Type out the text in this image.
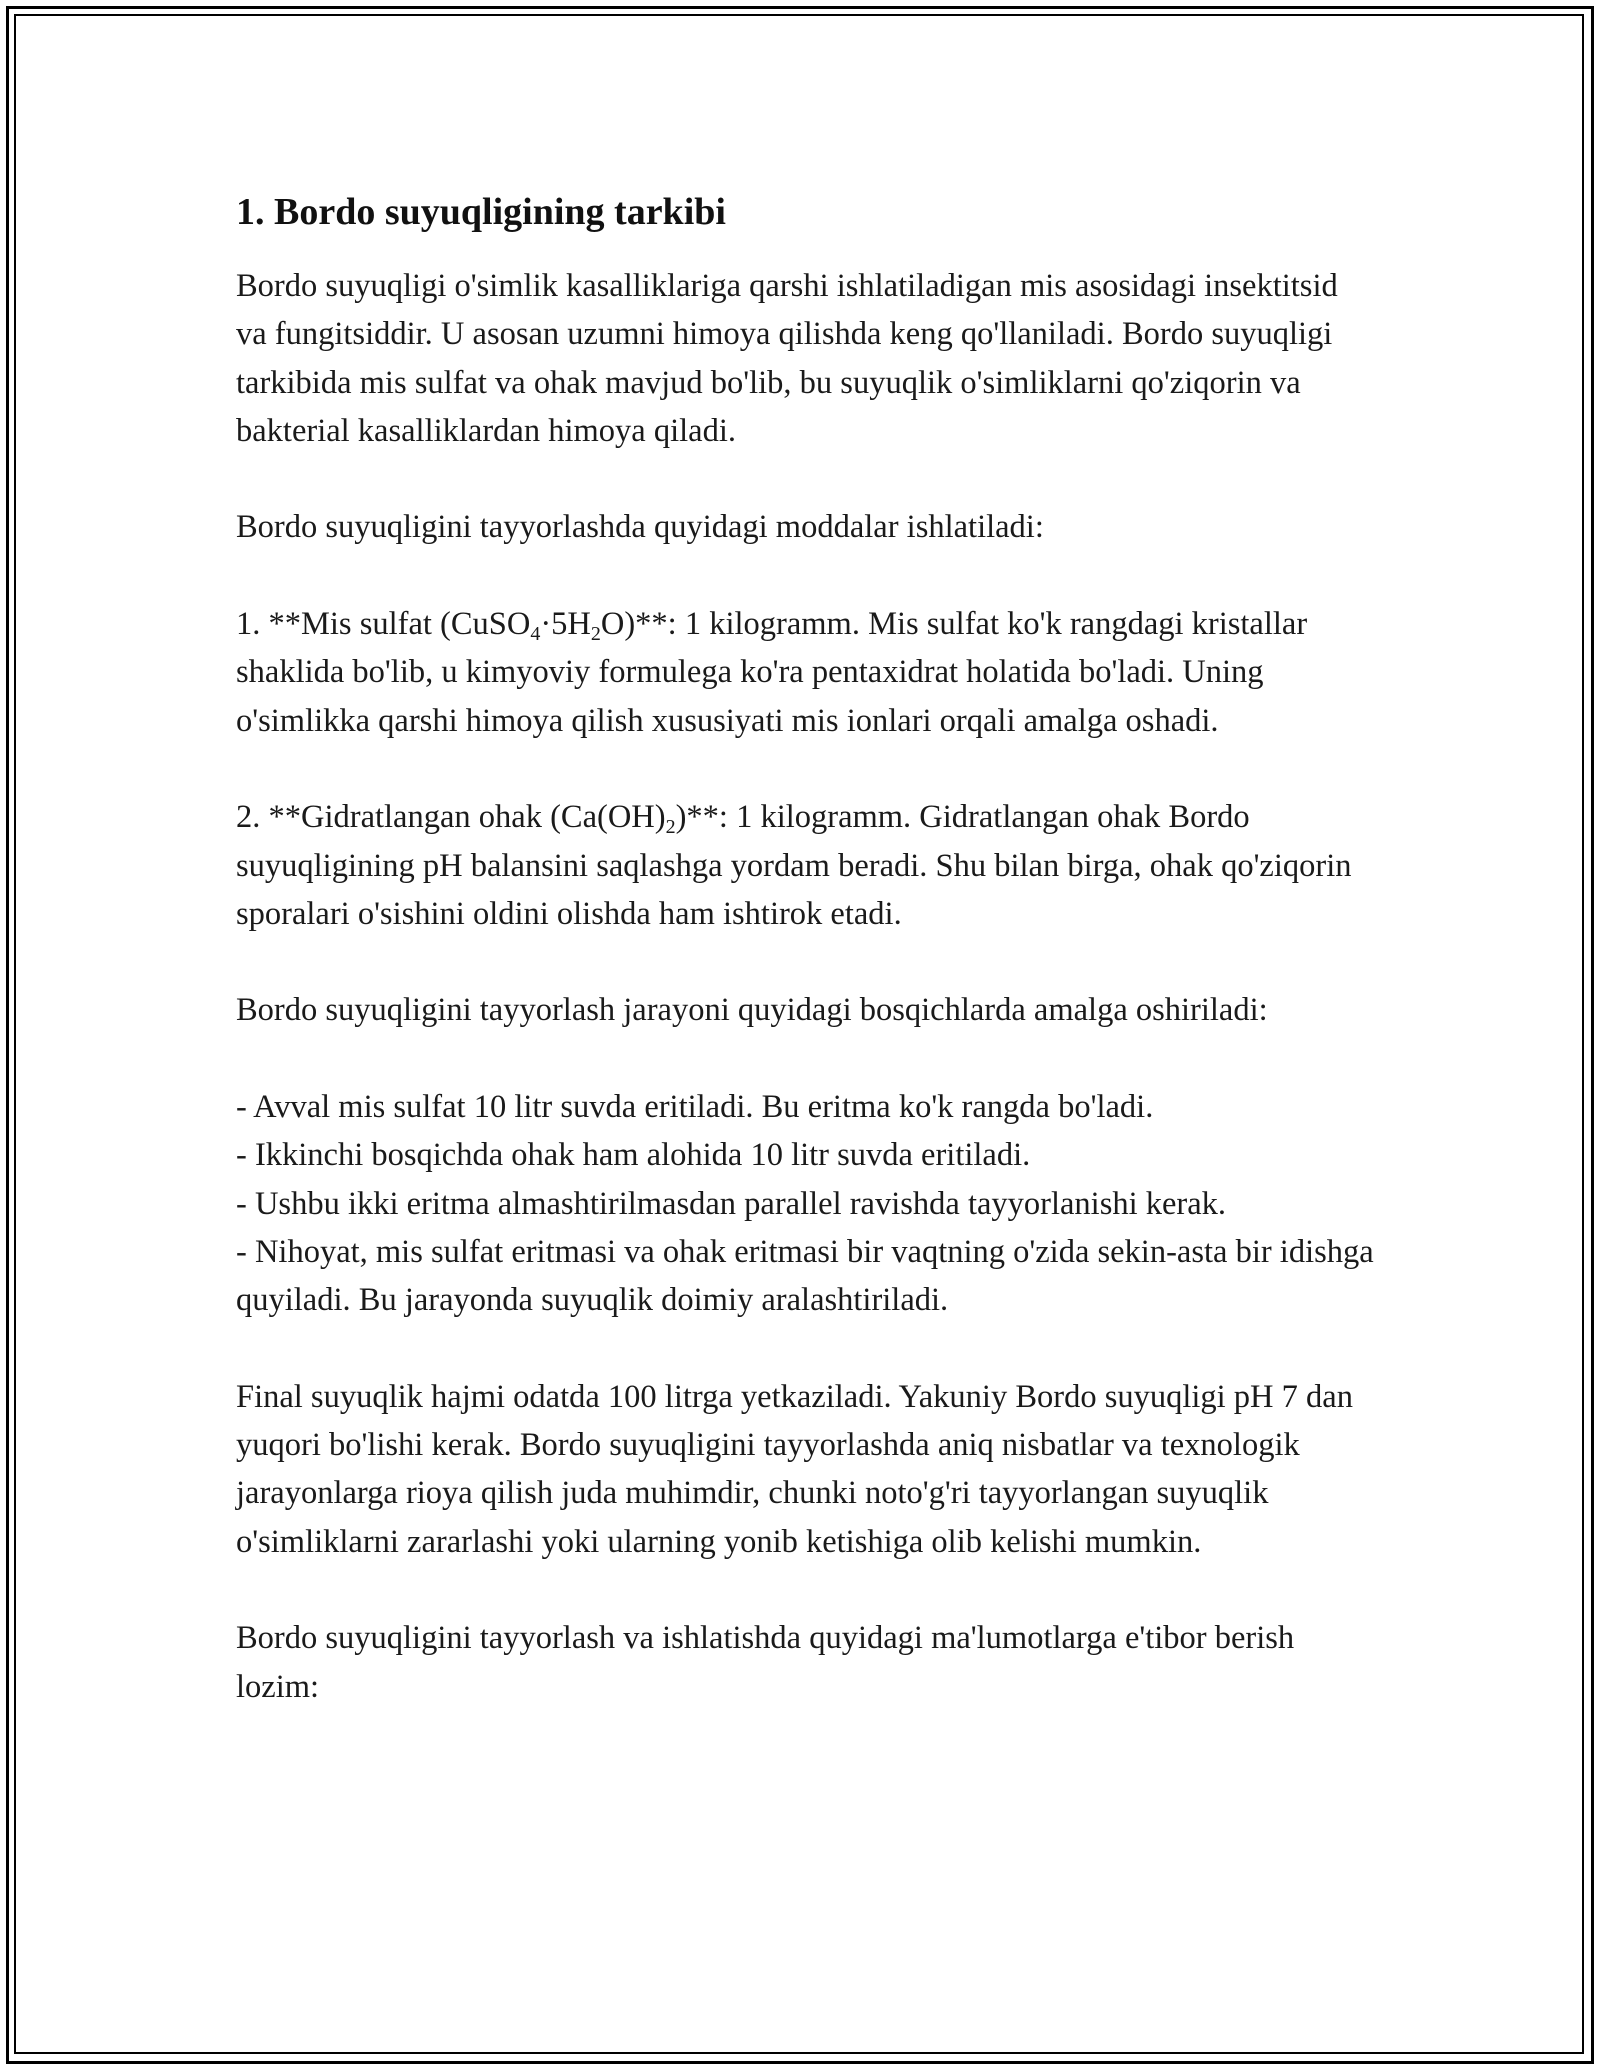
1. Bordo suyuqligining tarkibi

Bordo suyuqligi o'simlik kasalliklariga qarshi ishlatiladigan mis asosidagi insektitsid va fungitsiddir. U asosan uzumni himoya qilishda keng qo'llaniladi. Bordo suyuqligi tarkibida mis sulfat va ohak mavjud bo'lib, bu suyuqlik o'simliklarni qo'ziqorin va bakterial kasalliklardan himoya qiladi.

Bordo suyuqligini tayyorlashda quyidagi moddalar ishlatiladi:

1. **Mis sulfat $(CuSO_4\cdot 5H_2O)**$: 1 kilogramm. Mis sulfat ko'k rangdagi kristallar shaklida bo'lib, u kimyoviy formulega ko'ra pentaxidrat holatida bo'ladi. Uning o'simlikka qarshi himoya qilish xususiyati mis ionlari orqali amalga oshadi.

2. **Gidratlangan ohak $(Ca(OH)_2)**$: 1 kilogramm. Gidratlangan ohak Bordo suyuqligining pH balansini saqlashga yordam beradi. Shu bilan birga, ohak qo'ziqorin sporalari o'sishini oldini olishda ham ishtirok etadi.

Bordo suyuqligini tayyorlash jarayoni quyidagi bosqichlarda amalga oshiriladi:

- Avval mis sulfat 10 litr suvda eritiladi. Bu eritma ko'k rangda bo'ladi.
- Ikkinchi bosqichda ohak ham alohida 10 litr suvda eritiladi.
- Ushbu ikki eritma almashtirilmasdan parallel ravishda tayyorlanishi kerak.
- Nihoyat, mis sulfat eritmasi va ohak eritmasi bir vaqtning o'zida sekin-asta bir idishga quyiladi. Bu jarayonda suyuqlik doimiy aralashtiriladi.

Final suyuqlik hajmi odatda 100 litrga yetkaziladi. Yakuniy Bordo suyuqligi pH 7 dan yuqori bo'lishi kerak. Bordo suyuqligini tayyorlashda aniq nisbatlar va texnologik jarayonlarga rioya qilish juda muhimdir, chunki noto'g'ri tayyorlangan suyuqlik o'simliklarni zararlashi yoki ularning yonib ketishiga olib kelishi mumkin.

Bordo suyuqligini tayyorlash va ishlatishda quyidagi ma'lumotlarga e'tibor berish lozim:
